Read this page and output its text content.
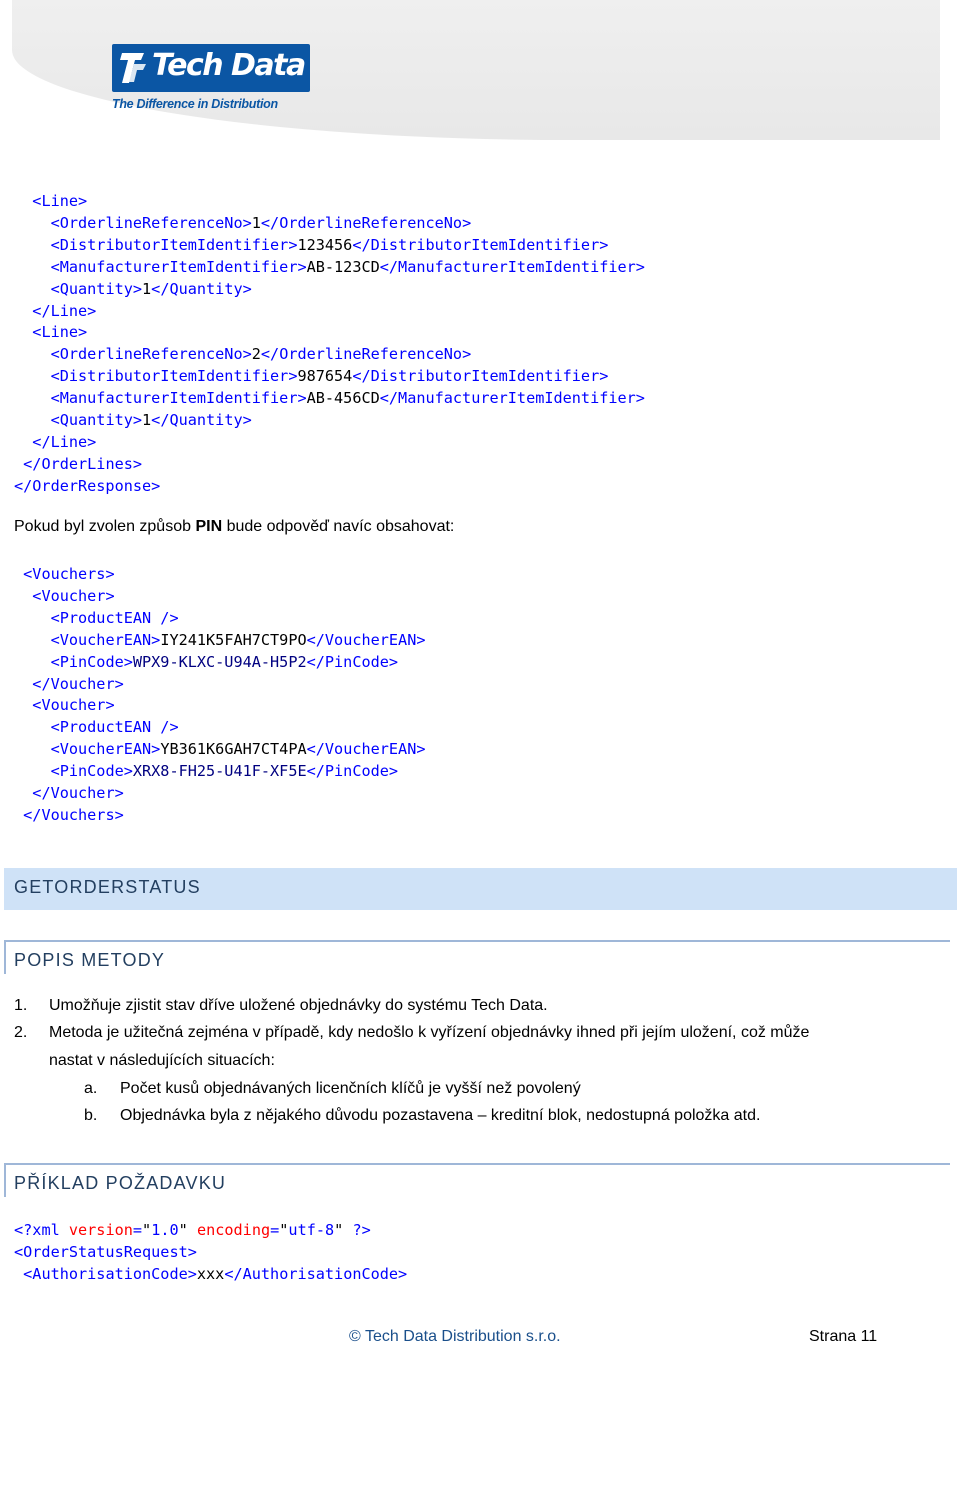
Tech Data
The Difference in Distribution
<Line>
<OrderlineReferenceNo>1</OrderlineReferenceNo>
<DistributorItemIdentifier>123456</DistributorItemIdentifier>
<ManufacturerItemIdentifier>AB-123CD</ManufacturerItemIdentifier>
<Quantity>1</Quantity>
</Line>
<Line>
<OrderlineReferenceNo>2</OrderlineReferenceNo>
<DistributorItemIdentifier>987654</DistributorItemIdentifier>
<ManufacturerItemIdentifier>AB-456CD</ManufacturerItemIdentifier>
<Quantity>1</Quantity>
</Line>
</OrderLines>
</OrderResponse>

Pokud byl zvolen způsob PIN bude odpověď navíc obsahovat:
<Vouchers>
<Voucher>
<ProductEAN />
<VoucherEAN>IY241K5FAH7CT9PO</VoucherEAN>
<PinCode>WPX9-KLXC-U94A-H5P2</PinCode>
</Voucher>
<Voucher>
<ProductEAN />
<VoucherEAN>YB361K6GAH7CT4PA</VoucherEAN>
<PinCode>XRX8-FH25-U41F-XF5E</PinCode>
</Voucher>
</Vouchers>

GETORDERSTATUS
POPIS METODY
1. Umožňuje zjistit stav dříve uložené objednávky do systému Tech Data.
2. Metoda je užitečná zejména v případě, kdy nedošlo k vyřízení objednávky ihned při jejím uložení, což může
nastat v následujících situacích:
a. Počet kusů objednávaných licenčních klíčů je vyšší než povolený
b. Objednávka byla z nějakého důvodu pozastavena – kreditní blok, nedostupná položka atd.
PŘÍKLAD POŽADAVKU
<?xml version="1.0" encoding="utf-8" ?>
<OrderStatusRequest>
<AuthorisationCode>xxx</AuthorisationCode>

© Tech Data Distribution s.r.o.	Strana 11
